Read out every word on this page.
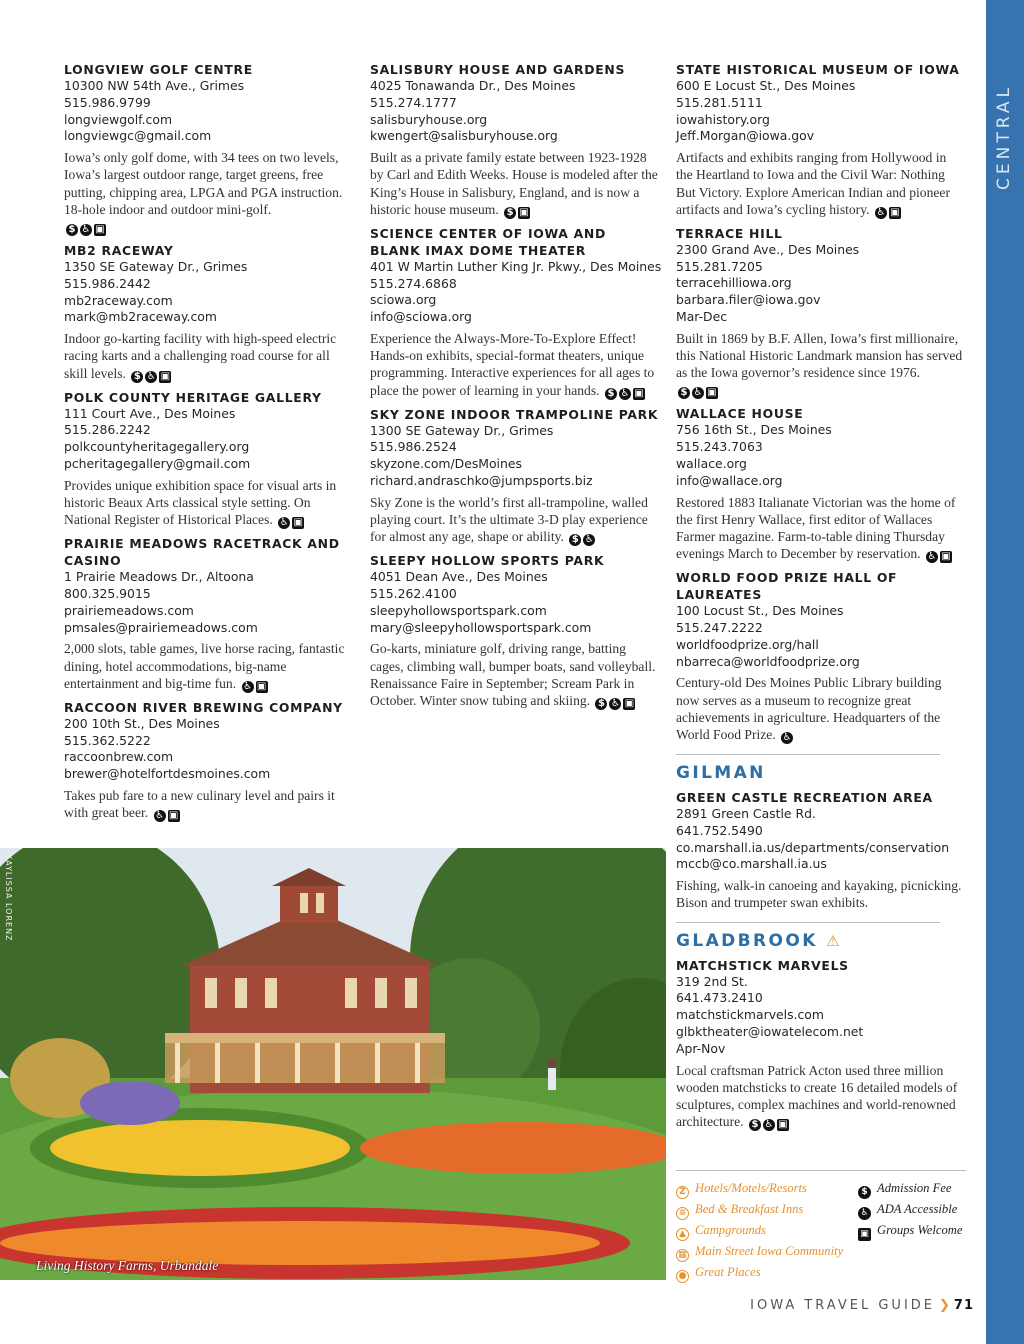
CENTRAL
LONGVIEW GOLF CENTRE
10300 NW 54th Ave., Grimes
515.986.9799
longviewgolf.com
longviewgc@gmail.com
Iowa’s only golf dome, with 34 tees on two levels, Iowa’s largest outdoor range, target greens, free putting, chipping area, LPGA and PGA instruction. 18-hole indoor and outdoor mini-golf.
$ ♿ ▣
MB2 RACEWAY
1350 SE Gateway Dr., Grimes
515.986.2442
mb2raceway.com
mark@mb2raceway.com
Indoor go-karting facility with high-speed electric racing karts and a challenging road course for all skill levels. $ ♿ ▣
POLK COUNTY HERITAGE GALLERY
111 Court Ave., Des Moines
515.286.2242
polkcountyheritagegallery.org
pcheritagegallery@gmail.com
Provides unique exhibition space for visual arts in historic Beaux Arts classical style setting. On National Register of Historical Places. ♿ ▣
PRAIRIE MEADOWS RACETRACK AND CASINO
1 Prairie Meadows Dr., Altoona
800.325.9015
prairiemeadows.com
pmsales@prairiemeadows.com
2,000 slots, table games, live horse racing, fantastic dining, hotel accommodations, big-name entertainment and big-time fun. ♿ ▣
RACCOON RIVER BREWING COMPANY
200 10th St., Des Moines
515.362.5222
raccoonbrew.com
brewer@hotelfortdesmoines.com
Takes pub fare to a new culinary level and pairs it with great beer. ♿ ▣
SALISBURY HOUSE AND GARDENS
4025 Tonawanda Dr., Des Moines
515.274.1777
salisburyhouse.org
kwengert@salisburyhouse.org
Built as a private family estate between 1923-1928 by Carl and Edith Weeks. House is modeled after the King’s House in Salisbury, England, and is now a historic house museum. $ ▣
SCIENCE CENTER OF IOWA AND BLANK IMAX DOME THEATER
401 W Martin Luther King Jr. Pkwy., Des Moines
515.274.6868
sciowa.org
info@sciowa.org
Experience the Always-More-To-Explore Effect! Hands-on exhibits, special-format theaters, unique programming. Interactive experiences for all ages to place the power of learning in your hands. $ ♿ ▣
SKY ZONE INDOOR TRAMPOLINE PARK
1300 SE Gateway Dr., Grimes
515.986.2524
skyzone.com/DesMoines
richard.andraschko@jumpsports.biz
Sky Zone is the world’s first all-trampoline, walled playing court. It’s the ultimate 3-D play experience for almost any age, shape or ability. $ ♿
SLEEPY HOLLOW SPORTS PARK
4051 Dean Ave., Des Moines
515.262.4100
sleepyhollowsportspark.com
mary@sleepyhollowsportspark.com
Go-karts, miniature golf, driving range, batting cages, climbing wall, bumper boats, sand volleyball. Renaissance Faire in September; Scream Park in October. Winter snow tubing and skiing. $ ♿ ▣
STATE HISTORICAL MUSEUM OF IOWA
600 E Locust St., Des Moines
515.281.5111
iowahistory.org
Jeff.Morgan@iowa.gov
Artifacts and exhibits ranging from Hollywood in the Heartland to Iowa and the Civil War: Nothing But Victory. Explore American Indian and pioneer artifacts and Iowa’s cycling history. ♿ ▣
TERRACE HILL
2300 Grand Ave., Des Moines
515.281.7205
terracehilliowa.org
barbara.filer@iowa.gov
Mar-Dec
Built in 1869 by B.F. Allen, Iowa’s first millionaire, this National Historic Landmark mansion has served as the Iowa governor’s residence since 1976.
$ ♿ ▣
WALLACE HOUSE
756 16th St., Des Moines
515.243.7063
wallace.org
info@wallace.org
Restored 1883 Italianate Victorian was the home of the first Henry Wallace, first editor of Wallaces Farmer magazine. Farm-to-table dining Thursday evenings March to December by reservation. ♿ ▣
WORLD FOOD PRIZE HALL OF LAUREATES
100 Locust St., Des Moines
515.247.2222
worldfoodprize.org/hall
nbarreca@worldfoodprize.org
Century-old Des Moines Public Library building now serves as a museum to recognize great achievements in agriculture. Headquarters of the World Food Prize. ♿
GILMAN
GREEN CASTLE RECREATION AREA
2891 Green Castle Rd.
641.752.5490
co.marshall.ia.us/departments/conservation
mccb@co.marshall.ia.us
Fishing, walk-in canoeing and kayaking, picnicking. Bison and trumpeter swan exhibits.
GLADBROOK ⚠
MATCHSTICK MARVELS
319 2nd St.
641.473.2410
matchstickmarvels.com
glbktheater@iowatelecom.net
Apr-Nov
Local craftsman Patrick Acton used three million wooden matchsticks to create 16 detailed models of sculptures, complex machines and world-renowned architecture. $ ♿ ▣
KAYLISSA LORENZ
Living History Farms, Urbandale
Z Hotels/Motels/Resorts
≡ Bed & Breakfast Inns
▲ Campgrounds
▦ Main Street Iowa Community
● Great Places
$ Admission Fee
♿ ADA Accessible
▣ Groups Welcome
IOWA TRAVEL GUIDE ❯ 71
